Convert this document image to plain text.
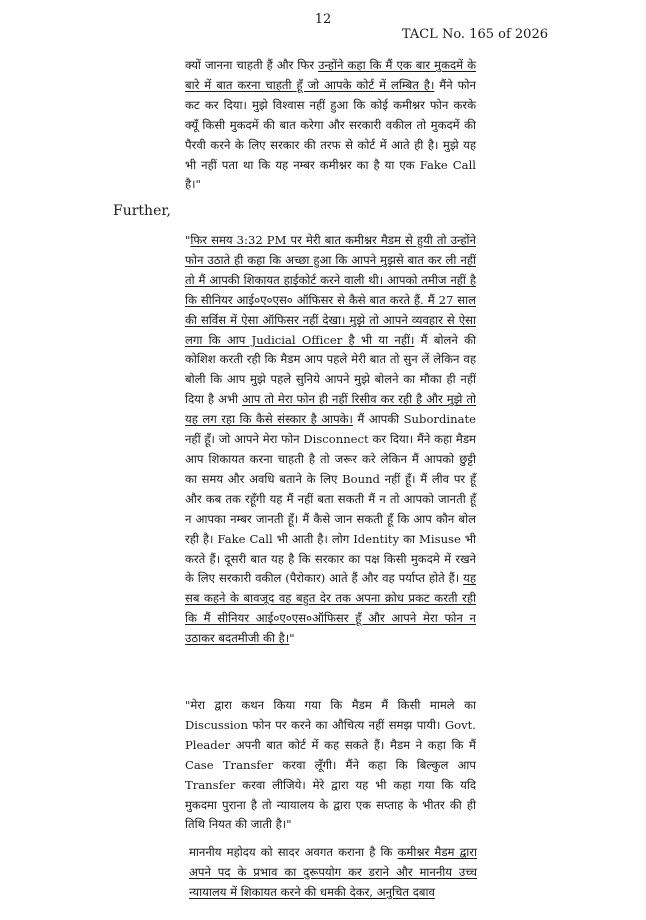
12
TACL No. 165 of 2026
क्यों जानना चाहती हैं और फिर उन्होंने कहा कि मैं एक बार मुकदमें के बारे में बात करना चाहती हूँ जो आपके कोर्ट में लम्बित है। मैंने फोन कट कर दिया। मुझे विश्वास नहीं हुआ कि कोई कमीश्नर फोन करके क्यूँ किसी मुकदमें की बात करेगा और सरकारी वकील तो मुकदमें की पैरवी करने के लिए सरकार की तरफ से कोर्ट में आते ही है। मुझे यह भी नहीं पता था कि यह नम्बर कमीश्नर का है या एक Fake Call है।"
Further,
"फिर समय 3:32 PM पर मेरी बात कमीश्नर मैडम से हुयी तो उन्होंने फोन उठाते ही कहा कि अच्छा हुआ कि आपने मुझसे बात कर ली नहीं तो मैं आपकी शिकायत हाईकोर्ट करने वाली थी। आपको तमीज नहीं है कि सीनियर आई०ए०एस० ऑफिसर से कैसे बात करते हैं. मैं 27 साल की सर्विस में ऐसा ऑफिसर नहीं देखा। मुझे तो आपने व्यवहार से ऐसा लगा कि आप Judicial Officer है भी या नहीं। मैं बोलने की कोशिश करती रही कि मैडम आप पहले मेरी बात तो सुन लें लेकिन वह बोली कि आप मुझे पहले सुनिये आपने मुझे बोलने का मौका ही नहीं दिया है अभी आप तो मेरा फोन ही नहीं रिसीव कर रही है और मुझे तो यह लग रहा कि कैसे संस्कार है आपके। मैं आपकी Subordinate नहीं हूँ। जो आपने मेरा फोन Disconnect कर दिया। मैंने कहा मैडम आप शिकायत करना चाहती है तो जरूर करे लेकिन मैं आपको छुट्टी का समय और अवधि बताने के लिए Bound नहीं हूँ। मैं लीव पर हूँ और कब तक रहूँगी यह मैं नहीं बता सकती मैं न तो आपको जानती हूँ न आपका नम्बर जानती हूँ। मैं कैसे जान सकती हूँ कि आप कौन बोल रही है। Fake Call भी आती है। लोग Identity का Misuse भी करते हैं। दूसरी बात यह है कि सरकार का पक्ष किसी मुकदमे में रखने के लिए सरकारी वकील (पैरोकार) आते हैं और वह पर्याप्त होते हैं। यह सब कहने के बावजूद वह बहुत देर तक अपना क्रोध प्रकट करती रही कि मैं सीनियर आई०ए०एस०ऑफिसर हूँ और आपने मेरा फोन न उठाकर बदतमीजी की है।"
"मेरा द्वारा कथन किया गया कि मैडम मैं किसी मामले का Discussion फोन पर करने का औचित्य नहीं समझ पायी। Govt. Pleader अपनी बात कोर्ट में कह सकते हैं। मैडम ने कहा कि मैं Case Transfer करवा लूँगी। मैंने कहा कि बिल्कुल आप Transfer करवा लीजिये। मेरे द्वारा यह भी कहा गया कि यदि मुकदमा पुराना है तो न्यायालय के द्वारा एक सप्ताह के भीतर की ही तिथि नियत की जाती है।"
माननीय महोदय को सादर अवगत कराना है कि कमीश्नर मैडम द्वारा अपने पद के प्रभाव का दुरूपयोग कर डराने और माननीय उच्च न्यायालय में शिकायत करने की धमकी देकर, अनुचित दबाव
